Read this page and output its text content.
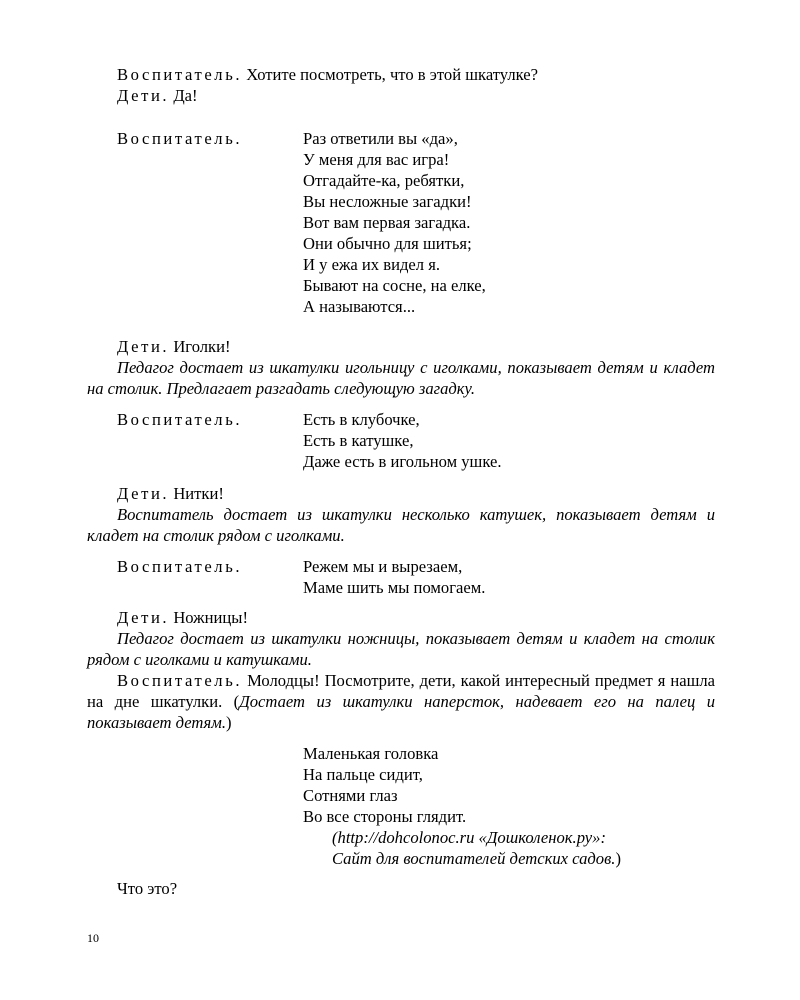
Воспитатель. Хотите посмотреть, что в этой шкатулке?
Дети. Да!
Воспитатель.	Раз ответили вы «да»,
У меня для вас игра!
Отгадайте-ка, ребятки,
Вы несложные загадки!
Вот вам первая загадка.
Они обычно для шитья;
И у ежа их видел я.
Бывают на сосне, на елке,
А называются...
Дети. Иголки!
Педагог достает из шкатулки игольницу с иголками, показывает детям и кладет на столик. Предлагает разгадать следующую загадку.
Воспитатель.	Есть в клубочке,
Есть в катушке,
Даже есть в игольном ушке.
Дети. Нитки!
Воспитатель достает из шкатулки несколько катушек, показывает детям и кладет на столик рядом с иголками.
Воспитатель.	Режем мы и вырезаем,
Маме шить мы помогаем.
Дети. Ножницы!
Педагог достает из шкатулки ножницы, показывает детям и кладет на столик рядом с иголками и катушками.
Воспитатель. Молодцы! Посмотрите, дети, какой интересный предмет я нашла на дне шкатулки. (Достает из шкатулки наперсток, надевает его на палец и показывает детям.)
Маленькая головка
На пальце сидит,
Сотнями глаз
Во все стороны глядит.
(http://dohcolonoc.ru «Дошколенок.ру»:
Сайт для воспитателей детских садов.)
Что это?
10
